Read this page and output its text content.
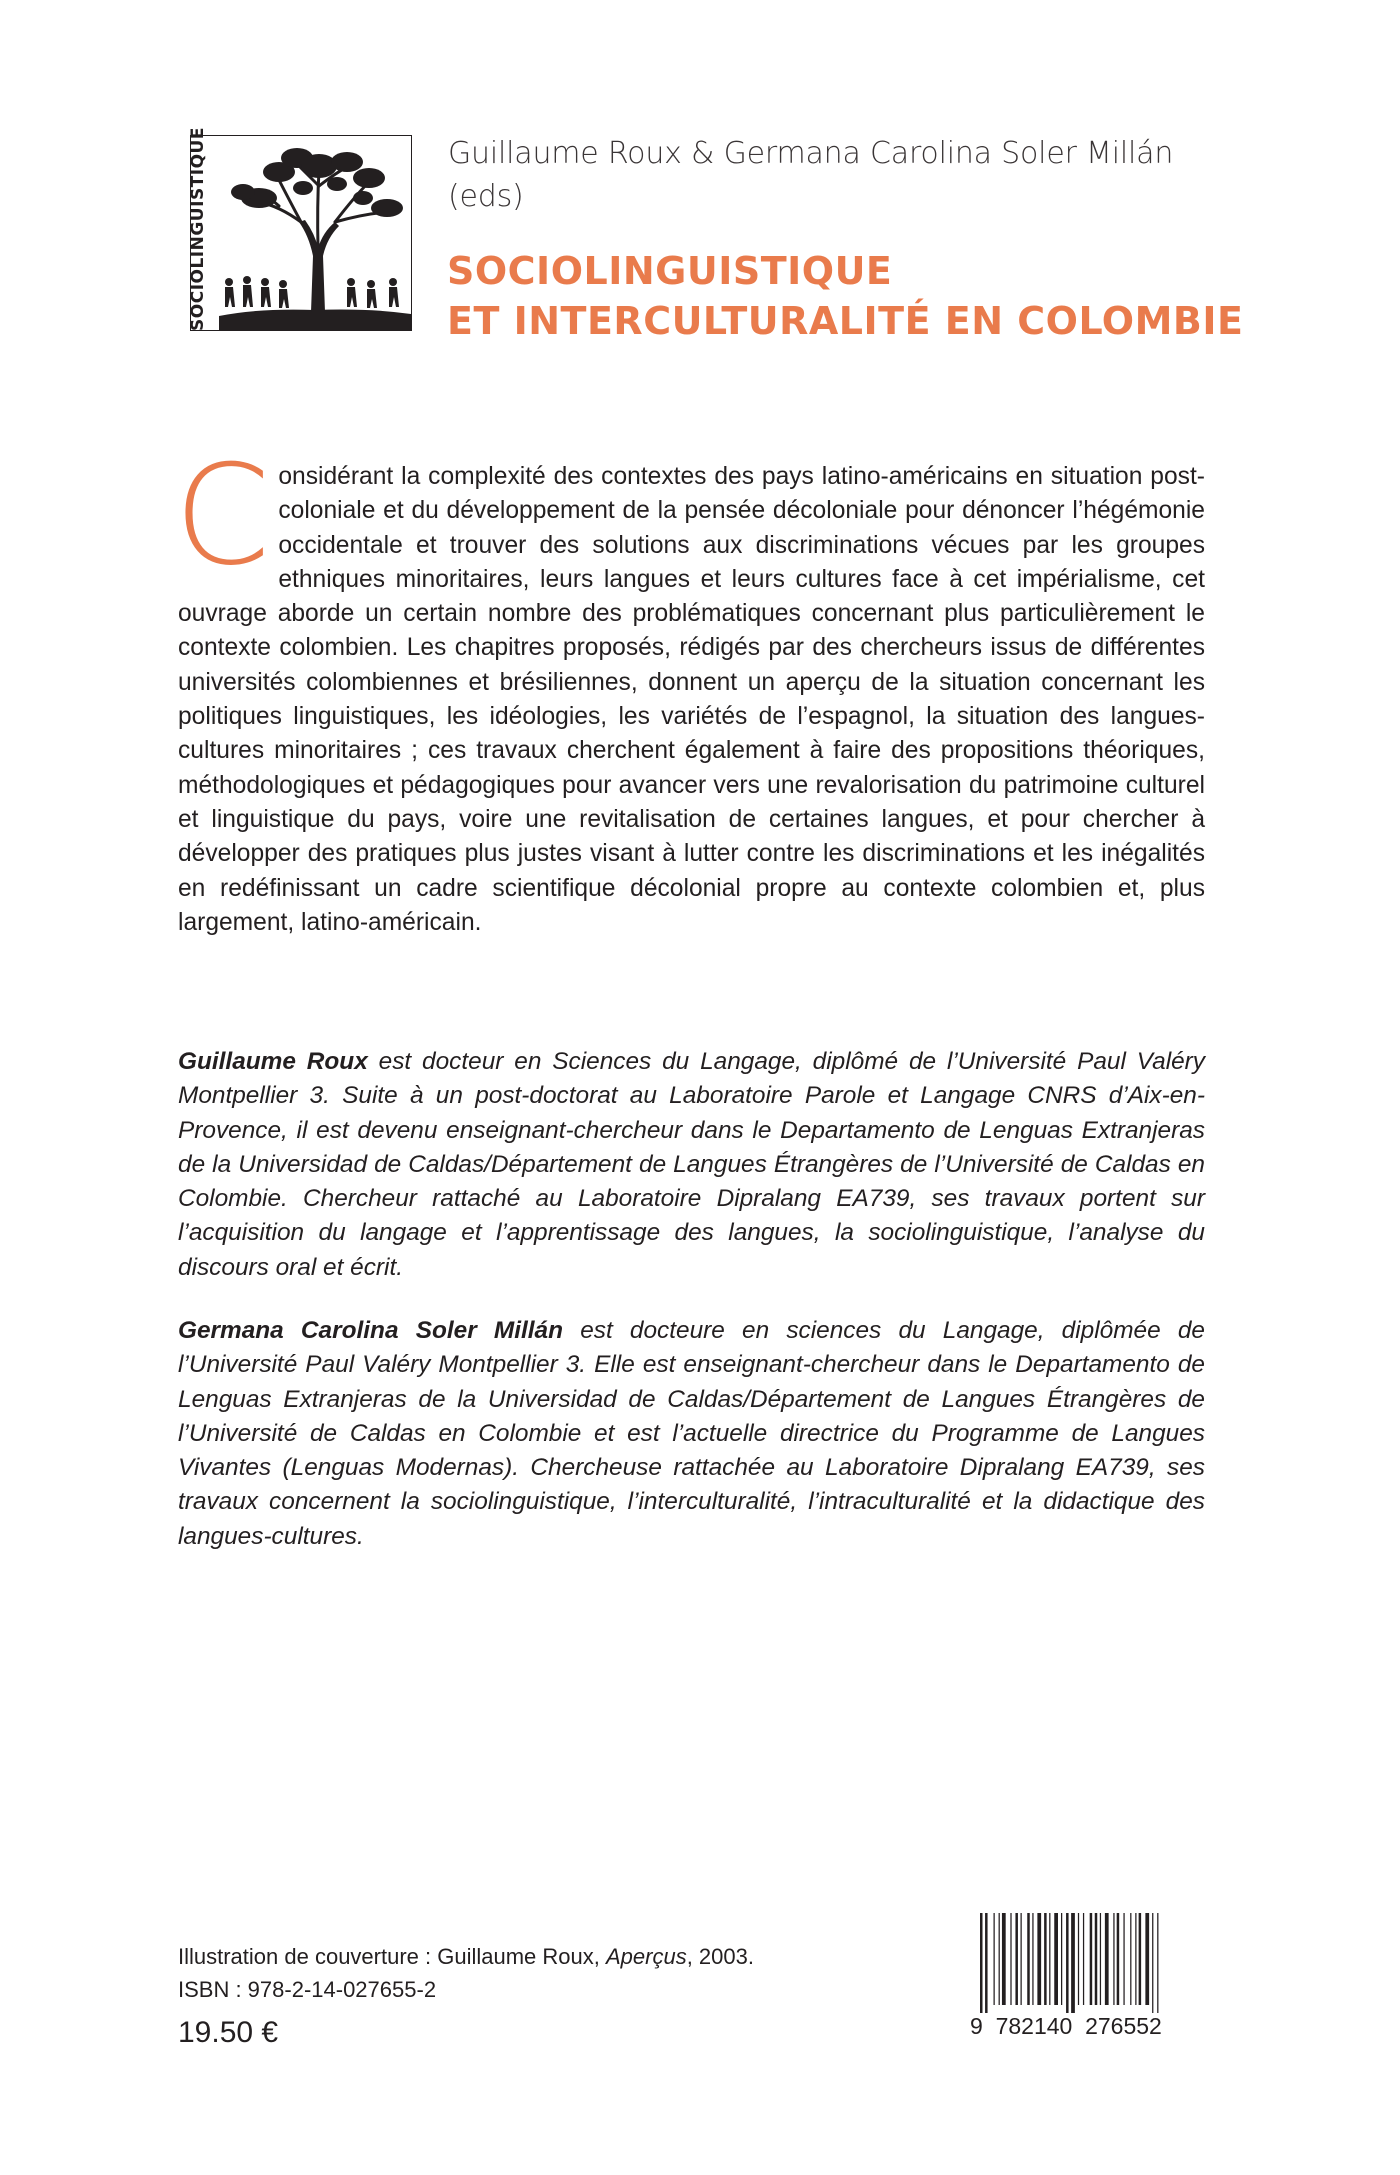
SOCIOLINGUISTIQUE	Guillaume Roux & Germana Carolina Soler Millán
(eds)
SOCIOLINGUISTIQUE
ET INTERCULTURALITÉ EN COLOMBIE
Considérant la complexité des contextes des pays latino-américains en situation post-coloniale et du développement de la pensée décoloniale pour dénoncer l’hégémonie occidentale et trouver des solutions aux discriminations vécues par les groupes ethniques minoritaires, leurs langues et leurs cultures face à cet impérialisme, cet ouvrage aborde un certain nombre des problématiques concernant plus particulièrement le contexte colombien. Les chapitres proposés, rédigés par des chercheurs issus de différentes universités colombiennes et brésiliennes, donnent un aperçu de la situation concernant les politiques linguistiques, les idéologies, les variétés de l’espagnol, la situation des langues-cultures minoritaires ; ces travaux cherchent également à faire des propositions théoriques, méthodologiques et pédagogiques pour avancer vers une revalorisation du patrimoine culturel et linguistique du pays, voire une revitalisation de certaines langues, et pour chercher à développer des pratiques plus justes visant à lutter contre les discriminations et les inégalités en redéfinissant un cadre scientifique décolonial propre au contexte colombien et, plus largement, latino-américain.
Guillaume Roux est docteur en Sciences du Langage, diplômé de l’Université Paul Valéry Montpellier 3. Suite à un post-doctorat au Laboratoire Parole et Langage CNRS d’Aix-en-Provence, il est devenu enseignant-chercheur dans le Departamento de Lenguas Extranjeras de la Universidad de Caldas/Département de Langues Étrangères de l’Université de Caldas en Colombie. Chercheur rattaché au Laboratoire Dipralang EA739, ses travaux portent sur l’acquisition du langage et l’apprentissage des langues, la sociolinguistique, l’analyse du discours oral et écrit.
Germana Carolina Soler Millán est docteure en sciences du Langage, diplômée de l’Université Paul Valéry Montpellier 3. Elle est enseignant-chercheur dans le Departamento de Lenguas Extranjeras de la Universidad de Caldas/Département de Langues Étrangères de l’Université de Caldas en Colombie et est l’actuelle directrice du Programme de Langues Vivantes (Lenguas Modernas). Chercheuse rattachée au Laboratoire Dipralang EA739, ses travaux concernent la sociolinguistique, l’interculturalité, l’intraculturalité et la didactique des langues-cultures.
Illustration de couverture : Guillaume Roux, Aperçus, 2003.
ISBN : 978-2-14-027655-2
19.50 €	9  782140  276552
